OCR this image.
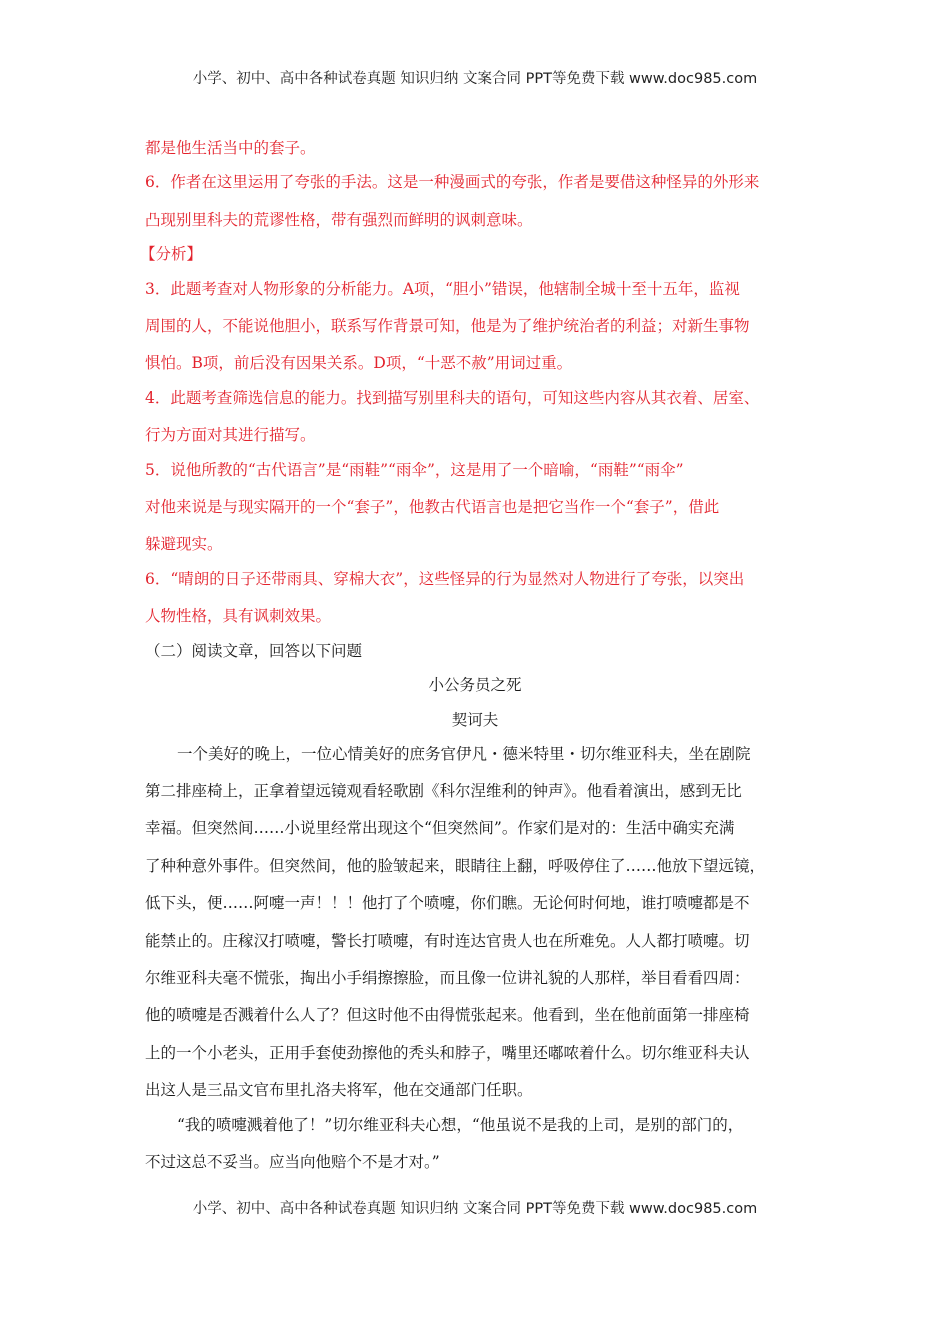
小学、初中、高中各种试卷真题 知识归纳 文案合同 PPT等免费下载 www.doc985.com
都是他生活当中的套子。
6．作者在这里运用了夸张的手法。这是一种漫画式的夸张，作者是要借这种怪异的外形来
凸现别里科夫的荒谬性格，带有强烈而鲜明的讽刺意味。
【分析】
3．此题考查对人物形象的分析能力。A项，“胆小”错误，他辖制全城十至十五年，监视
周围的人，不能说他胆小，联系写作背景可知，他是为了维护统治者的利益；对新生事物
惧怕。B项，前后没有因果关系。D项，“十恶不赦”用词过重。
4．此题考查筛选信息的能力。找到描写别里科夫的语句，可知这些内容从其衣着、居室、
行为方面对其进行描写。
5．说他所教的“古代语言”是“雨鞋”“雨伞”，这是用了一个暗喻，“雨鞋”“雨伞”
对他来说是与现实隔开的一个“套子”，他教古代语言也是把它当作一个“套子”，借此
躲避现实。
6．“晴朗的日子还带雨具、穿棉大衣”，这些怪异的行为显然对人物进行了夸张，以突出
人物性格，具有讽刺效果。
（二）阅读文章，回答以下问题
小公务员之死
契诃夫
一个美好的晚上，一位心情美好的庶务官伊凡・德米特里・切尔维亚科夫，坐在剧院
第二排座椅上，正拿着望远镜观看轻歌剧《科尔涅维利的钟声》。他看着演出，感到无比
幸福。但突然间……小说里经常出现这个“但突然间”。作家们是对的：生活中确实充满
了种种意外事件。但突然间，他的脸皱起来，眼睛往上翻，呼吸停住了……他放下望远镜，
低下头，便……阿嚏一声！！！他打了个喷嚏，你们瞧。无论何时何地，谁打喷嚏都是不
能禁止的。庄稼汉打喷嚏，警长打喷嚏，有时连达官贵人也在所难免。人人都打喷嚏。切
尔维亚科夫毫不慌张，掏出小手绢擦擦脸，而且像一位讲礼貌的人那样，举目看看四周：
他的喷嚏是否溅着什么人了？但这时他不由得慌张起来。他看到，坐在他前面第一排座椅
上的一个小老头，正用手套使劲擦他的秃头和脖子，嘴里还嘟哝着什么。切尔维亚科夫认
出这人是三品文官布里扎洛夫将军，他在交通部门任职。
“我的喷嚏溅着他了！”切尔维亚科夫心想，“他虽说不是我的上司，是别的部门的，
不过这总不妥当。应当向他赔个不是才对。”
小学、初中、高中各种试卷真题 知识归纳 文案合同 PPT等免费下载 www.doc985.com
